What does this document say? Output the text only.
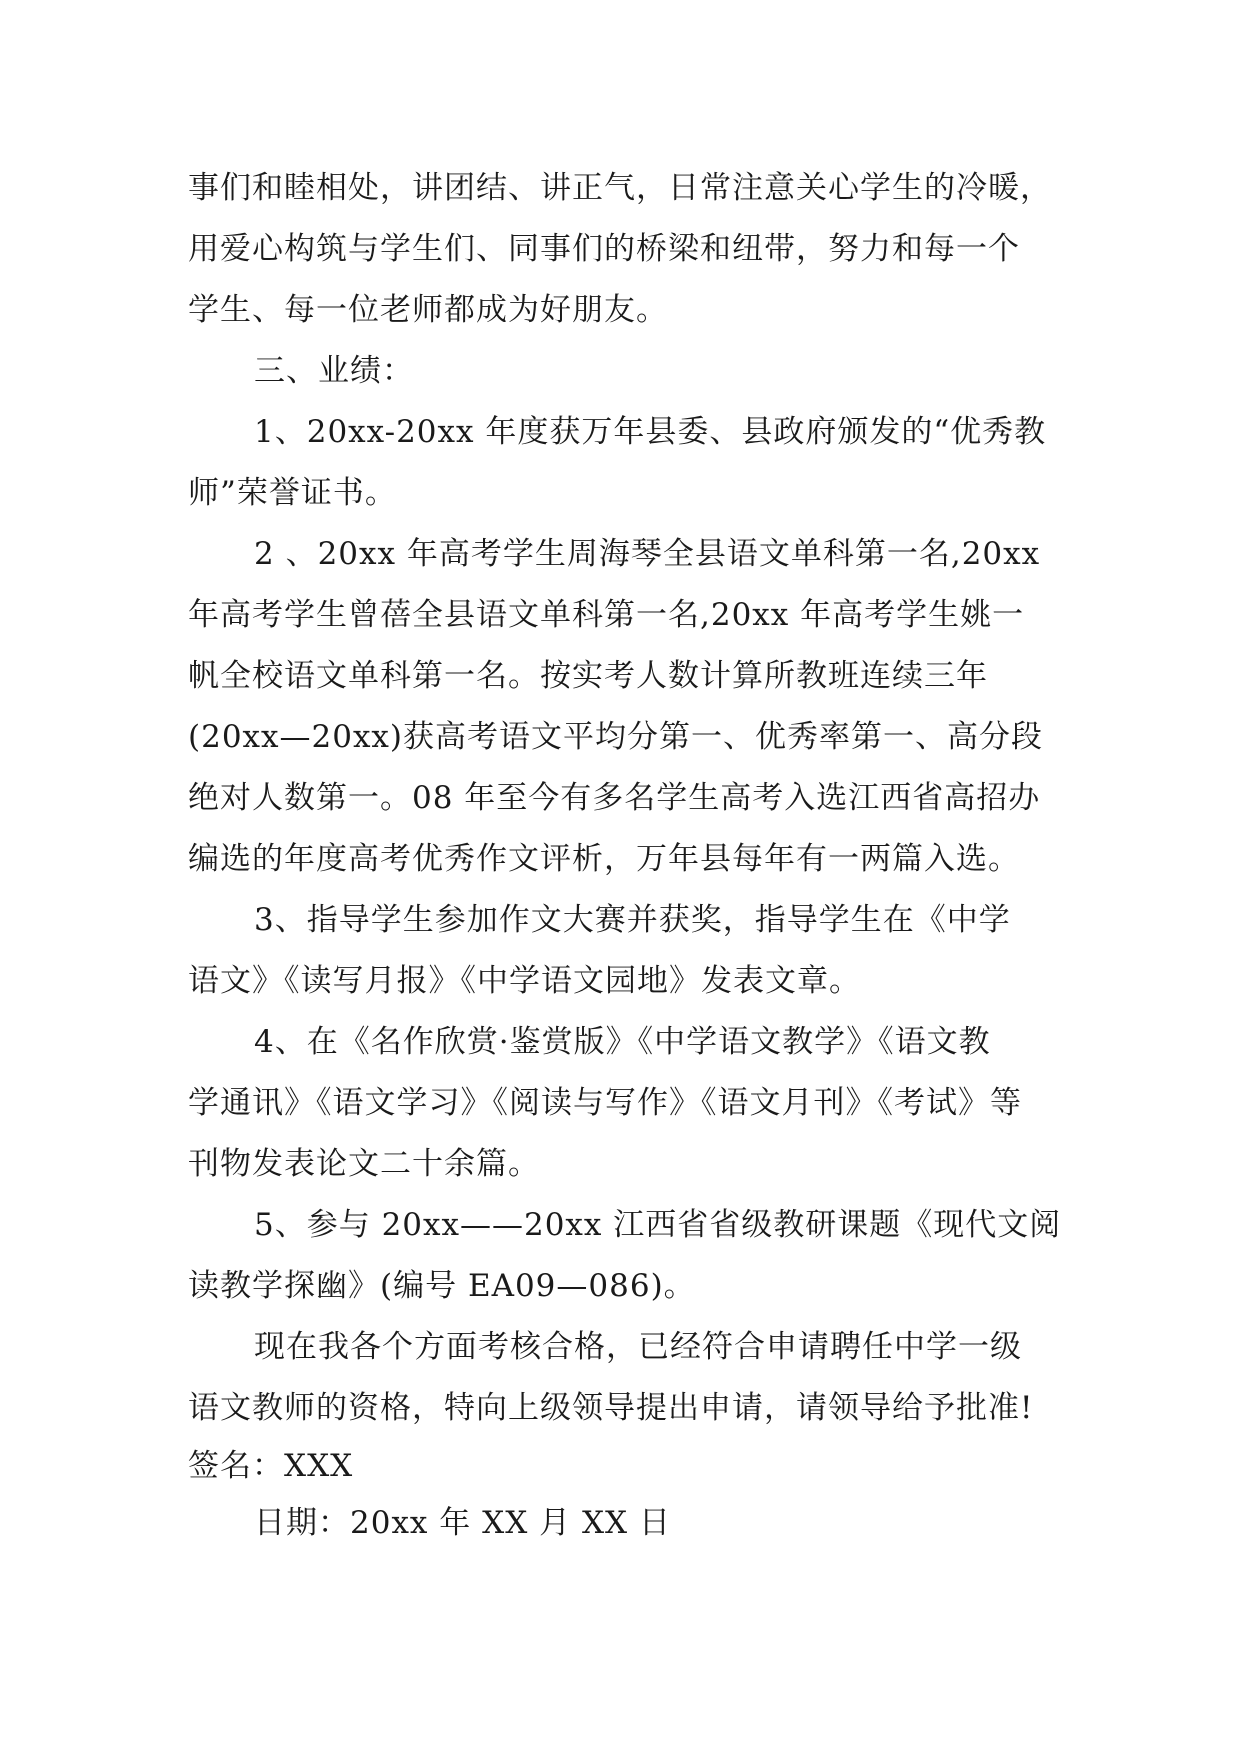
事们和睦相处，讲团结、讲正气，日常注意关心学生的冷暖，
用爱心构筑与学生们、同事们的桥梁和纽带，努力和每一个
学生、每一位老师都成为好朋友。
三、业绩：
1、20xx-20xx 年度获万年县委、县政府颁发的“优秀教
师”荣誉证书。
2 、20xx 年高考学生周海琴全县语文单科第一名,20xx
年高考学生曾蓓全县语文单科第一名,20xx 年高考学生姚一
帆全校语文单科第一名。按实考人数计算所教班连续三年
(20xx—20xx)获高考语文平均分第一、优秀率第一、高分段
绝对人数第一。08 年至今有多名学生高考入选江西省高招办
编选的年度高考优秀作文评析，万年县每年有一两篇入选。
3、指导学生参加作文大赛并获奖，指导学生在《中学
语文》《读写月报》《中学语文园地》发表文章。
4、在《名作欣赏·鉴赏版》《中学语文教学》《语文教
学通讯》《语文学习》《阅读与写作》《语文月刊》《考试》等
刊物发表论文二十余篇。
5、参与 20xx——20xx 江西省省级教研课题《现代文阅
读教学探幽》(编号 EA09—086)。
现在我各个方面考核合格，已经符合申请聘任中学一级
语文教师的资格，特向上级领导提出申请，请领导给予批准!
签名：XXX
日期：20xx 年 XX 月 XX 日
